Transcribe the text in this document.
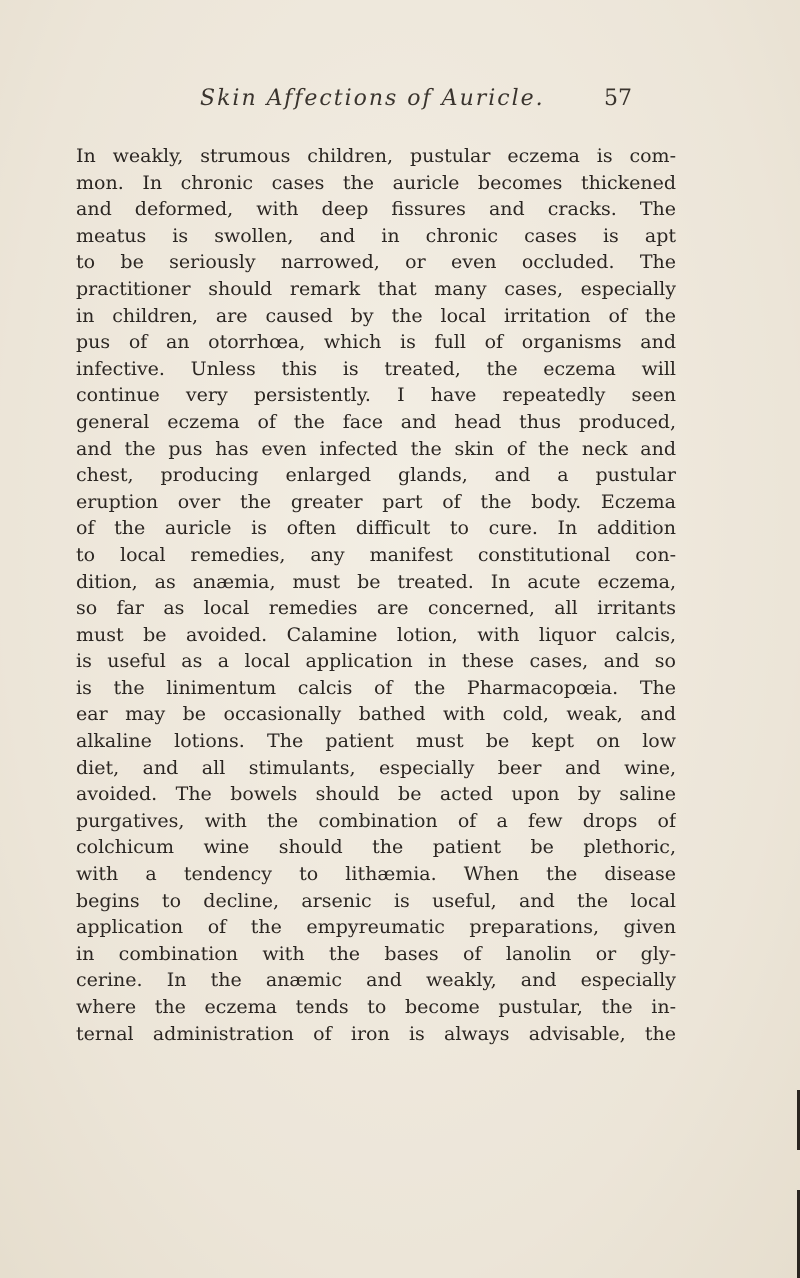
Skin Affections of Auricle.	57
In weakly, strumous children, pustular eczema is com-
mon. In chronic cases the auricle becomes thickened
and deformed, with deep fissures and cracks. The
meatus is swollen, and in chronic cases is apt
to be seriously narrowed, or even occluded. The
practitioner should remark that many cases, especially
in children, are caused by the local irritation of the
pus of an otorrhœa, which is full of organisms and
infective. Unless this is treated, the eczema will
continue very persistently. I have repeatedly seen
general eczema of the face and head thus produced,
and the pus has even infected the skin of the neck and
chest, producing enlarged glands, and a pustular
eruption over the greater part of the body. Eczema
of the auricle is often difficult to cure. In addition
to local remedies, any manifest constitutional con-
dition, as anæmia, must be treated. In acute eczema,
so far as local remedies are concerned, all irritants
must be avoided. Calamine lotion, with liquor calcis,
is useful as a local application in these cases, and so
is the linimentum calcis of the Pharmacopœia. The
ear may be occasionally bathed with cold, weak, and
alkaline lotions. The patient must be kept on low
diet, and all stimulants, especially beer and wine,
avoided. The bowels should be acted upon by saline
purgatives, with the combination of a few drops of
colchicum wine should the patient be plethoric,
with a tendency to lithæmia. When the disease
begins to decline, arsenic is useful, and the local
application of the empyreumatic preparations, given
in combination with the bases of lanolin or gly-
cerine. In the anæmic and weakly, and especially
where the eczema tends to become pustular, the in-
ternal administration of iron is always advisable, the
